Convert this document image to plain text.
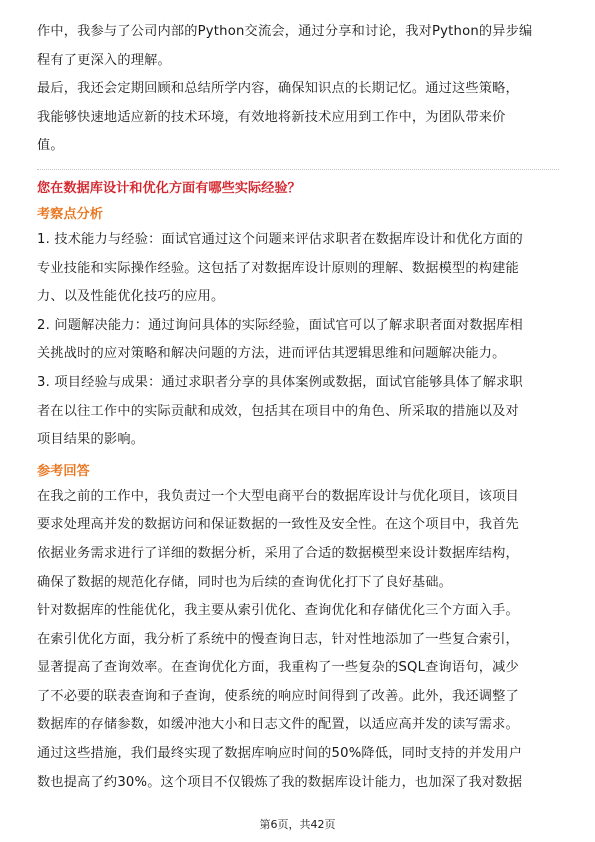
作中，我参与了公司内部的Python交流会，通过分享和讨论，我对Python的异步编
程有了更深入的理解。

最后，我还会定期回顾和总结所学内容，确保知识点的长期记忆。通过这些策略，
我能够快速地适应新的技术环境，有效地将新技术应用到工作中，为团队带来价
值。

您在数据库设计和优化方面有哪些实际经验？
考察点分析

1. 技术能力与经验：面试官通过这个问题来评估求职者在数据库设计和优化方面的
专业技能和实际操作经验。这包括了对数据库设计原则的理解、数据模型的构建能
力、以及性能优化技巧的应用。

2. 问题解决能力：通过询问具体的实际经验，面试官可以了解求职者面对数据库相
关挑战时的应对策略和解决问题的方法，进而评估其逻辑思维和问题解决能力。

3. 项目经验与成果：通过求职者分享的具体案例或数据，面试官能够具体了解求职
者在以往工作中的实际贡献和成效，包括其在项目中的角色、所采取的措施以及对
项目结果的影响。

参考回答

在我之前的工作中，我负责过一个大型电商平台的数据库设计与优化项目，该项目
要求处理高并发的数据访问和保证数据的一致性及安全性。在这个项目中，我首先
依据业务需求进行了详细的数据分析，采用了合适的数据模型来设计数据库结构，
确保了数据的规范化存储，同时也为后续的查询优化打下了良好基础。

针对数据库的性能优化，我主要从索引优化、查询优化和存储优化三个方面入手。
在索引优化方面，我分析了系统中的慢查询日志，针对性地添加了一些复合索引，
显著提高了查询效率。在查询优化方面，我重构了一些复杂的SQL查询语句，减少
了不必要的联表查询和子查询，使系统的响应时间得到了改善。此外，我还调整了
数据库的存储参数，如缓冲池大小和日志文件的配置，以适应高并发的读写需求。

通过这些措施，我们最终实现了数据库响应时间的50%降低，同时支持的并发用户
数也提高了约30%。这个项目不仅锻炼了我的数据库设计能力，也加深了我对数据

第6页，共42页
